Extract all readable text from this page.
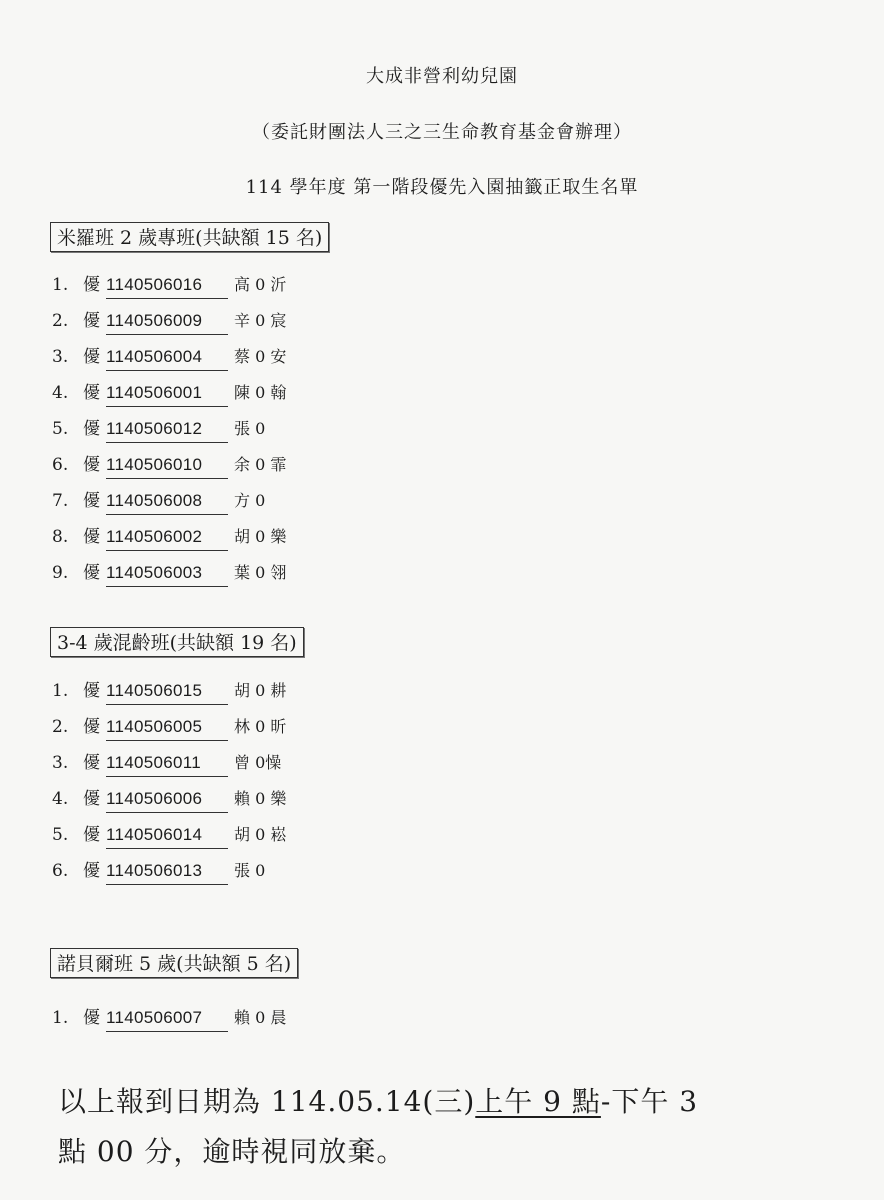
大成非營利幼兒園
（委託財團法人三之三生命教育基金會辦理）
114 學年度 第一階段優先入園抽籤正取生名單
米羅班 2 歲專班(共缺額 15 名)
1. 優 1140506016	高 0 沂
2. 優 1140506009	辛 0 宸
3. 優 1140506004	蔡 0 安
4. 優 1140506001	陳 0 翰
5. 優 1140506012	張 0
6. 優 1140506010	余 0 霏
7. 優 1140506008	方 0
8. 優 1140506002	胡 0 樂
9. 優 1140506003	葉 0 翎
3-4 歲混齡班(共缺額 19 名)
1. 優 1140506015	胡 0 耕
2. 優 1140506005	林 0 昕
3. 優 1140506011	曾 0懆
4. 優 1140506006	賴 0 樂
5. 優 1140506014	胡 0 崧
6. 優 1140506013	張 0
諾貝爾班 5 歲(共缺額 5 名)
1. 優 1140506007	賴 0 晨
以上報到日期為 114.05.14(三)上午 9 點-下午 3
點 00 分，逾時視同放棄。
